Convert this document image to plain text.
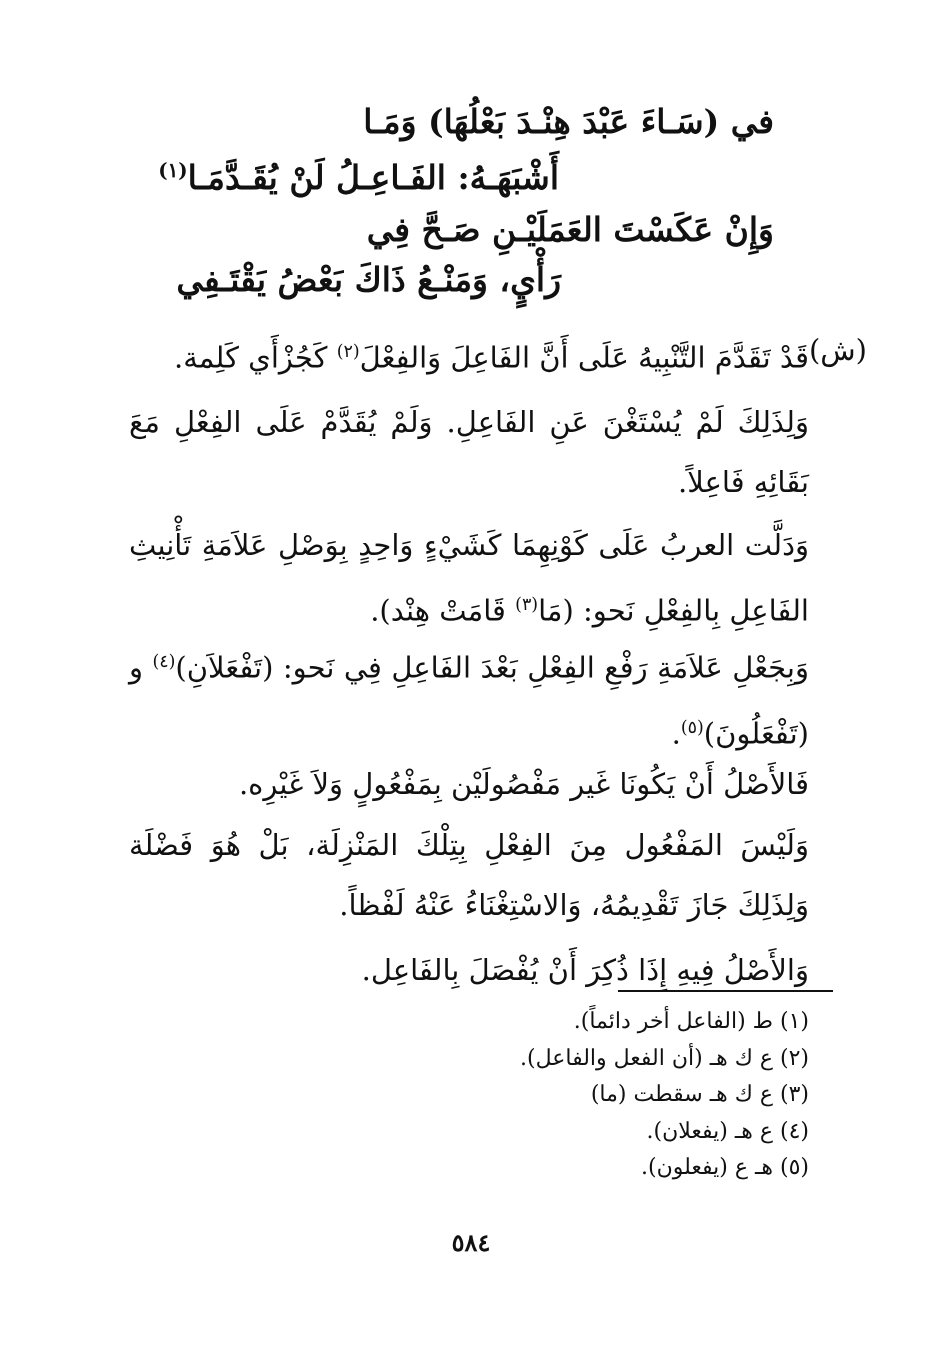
في (سَـاءَ عَبْدَ هِنْـدَ بَعْلُهَا) وَمَـا
أَشْبَهَـهُ: الفَـاعِـلُ لَنْ يُقَـدَّمَـا$^{(١)}$
وَإِنْ عَكَسْتَ العَمَلَيْـنِ صَـحَّ فِي
رَأْيٍ، وَمَنْـعُ ذَاكَ بَعْضُ يَقْتَـفِي
(ش)
قَدْ تَقَدَّمَ التَّنْبِيهُ عَلَى أَنَّ الفَاعِلَ وَالفِعْلَ$^{(٢)}$ كَجُزْأَي كَلِمة.
وَلِذَلِكَ لَمْ يُسْتَغْنَ عَنِ الفَاعِلِ. وَلَمْ يُقَدَّمْ عَلَى الفِعْلِ مَعَ بَقَائِهِ فَاعِلاً.
وَدَلَّت العربُ عَلَى كَوْنِهِمَا كَشَيْءٍ وَاحِدٍ بِوَصْلِ عَلاَمَةِ تَأْنِيثِ الفَاعِلِ بِالفِعْلِ نَحو: (مَا$^{(٣)}$ قَامَتْ هِنْد).
وَبِجَعْلِ عَلاَمَةِ رَفْعِ الفِعْلِ بَعْدَ الفَاعِلِ فِي نَحو: (تَفْعَلاَنِ)$^{(٤)}$ و (تَفْعَلُونَ)$^{(٥)}$.
فَالأَصْلُ أَنْ يَكُونَا غَير مَفْصُولَيْن بِمَفْعُولٍ وَلاَ غَيْرِه.
وَلَيْسَ المَفْعُول مِنَ الفِعْلِ بِتِلْكَ المَنْزِلَة، بَلْ هُوَ فَضْلَة وَلِذَلِكَ جَازَ تَقْدِيمُهُ، وَالاسْتِغْنَاءُ عَنْهُ لَفْظاً.
وَالأَصْلُ فِيهِ إِذَا ذُكِرَ أَنْ يُفْصَلَ بِالفَاعِل.
(١) ط (الفاعل أخر دائماً).
(٢) ع ك هـ (أن الفعل والفاعل).
(٣) ع ك هـ سقطت (ما)
(٤) ع هـ (يفعلان).
(٥) هـ ع (يفعلون).
٥٨٤
